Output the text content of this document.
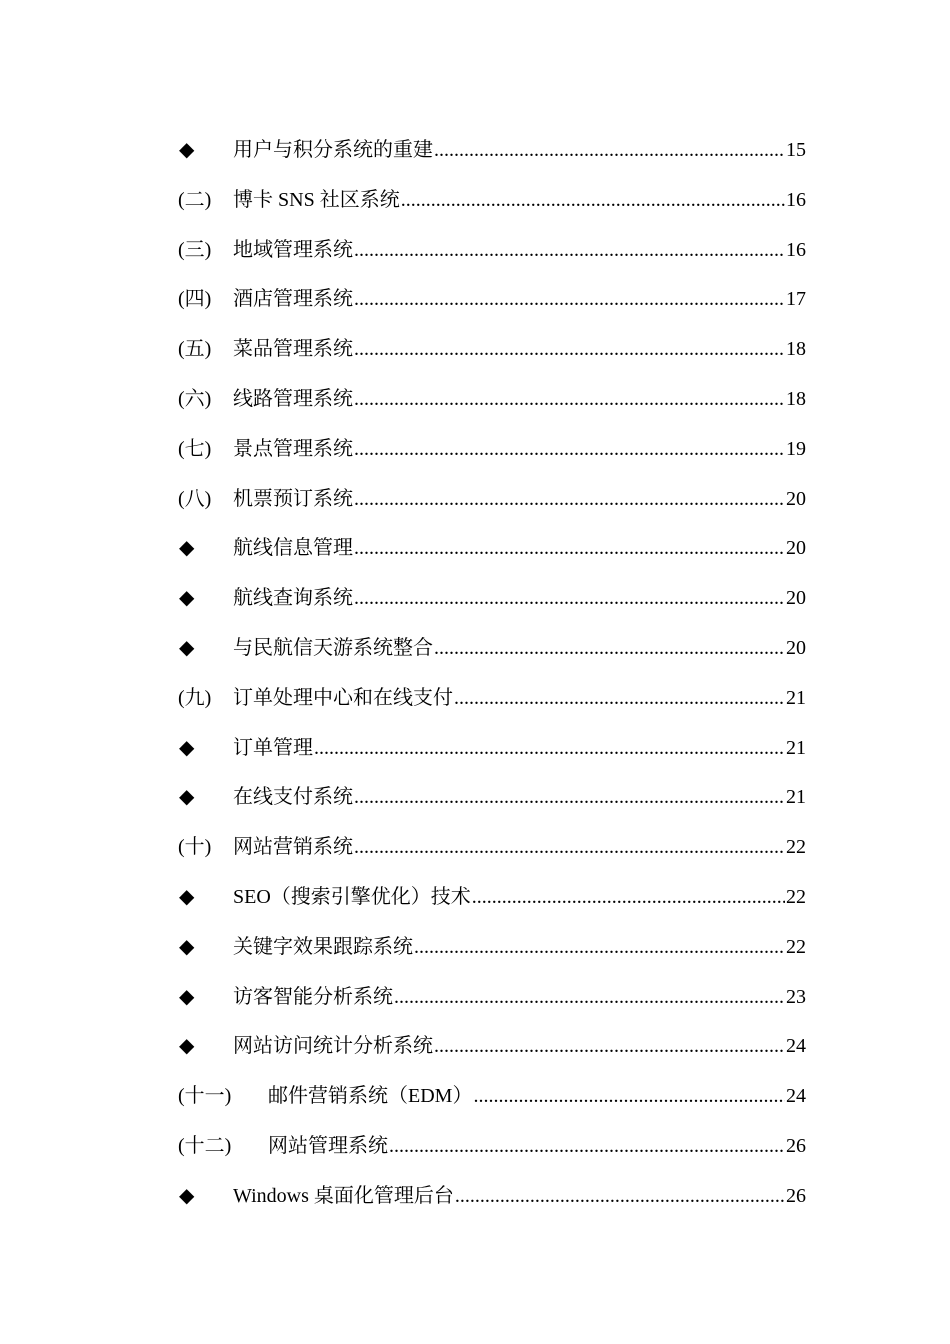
◆	用户与积分系统的重建 .....	15
(二)	博卡 SNS 社区系统 .....	16
(三)	地域管理系统 .....	16
(四)	酒店管理系统 .....	17
(五)	菜品管理系统 .....	18
(六)	线路管理系统 .....	18
(七)	景点管理系统 .....	19
(八)	机票预订系统 .....	20
◆	航线信息管理 .....	20
◆	航线查询系统 .....	20
◆	与民航信天游系统整合 .....	20
(九)	订单处理中心和在线支付 .....	21
◆	订单管理 .....	21
◆	在线支付系统 .....	21
(十)	网站营销系统 .....	22
◆	SEO（搜索引擎优化）技术 .....	22
◆	关键字效果跟踪系统 .....	22
◆	访客智能分析系统 .....	23
◆	网站访问统计分析系统 .....	24
(十一)	邮件营销系统（EDM） .....	24
(十二)	网站管理系统 .....	26
◆	Windows 桌面化管理后台 .....	26
